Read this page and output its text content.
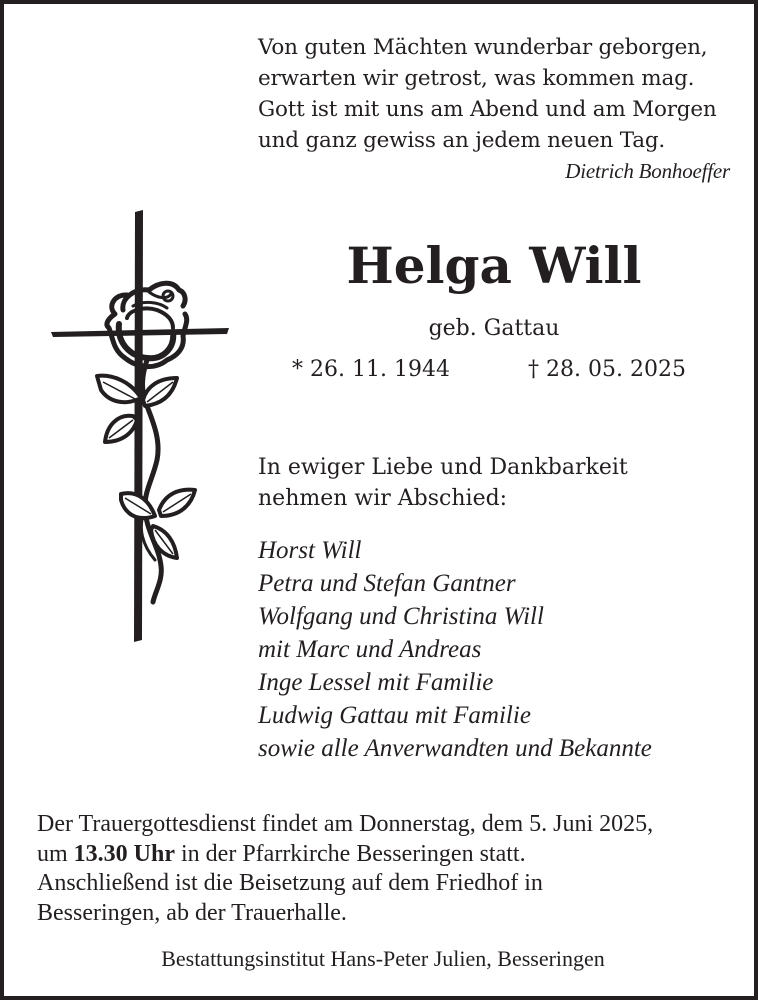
Von guten Mächten wunderbar geborgen,
erwarten wir getrost, was kommen mag.
Gott ist mit uns am Abend und am Morgen
und ganz gewiss an jedem neuen Tag.
Dietrich Bonhoeffer
Helga Will
geb. Gattau
* 26. 11. 1944	† 28. 05. 2025
In ewiger Liebe und Dankbarkeit
nehmen wir Abschied:
Horst Will
Petra und Stefan Gantner
Wolfgang und Christina Will
mit Marc und Andreas
Inge Lessel mit Familie
Ludwig Gattau mit Familie
sowie alle Anverwandten und Bekannte
Der Trauergottesdienst findet am Donnerstag, dem 5. Juni 2025,
um 13.30 Uhr in der Pfarrkirche Besseringen statt.
Anschließend ist die Beisetzung auf dem Friedhof in
Besseringen, ab der Trauerhalle.
Bestattungsinstitut Hans-Peter Julien, Besseringen
